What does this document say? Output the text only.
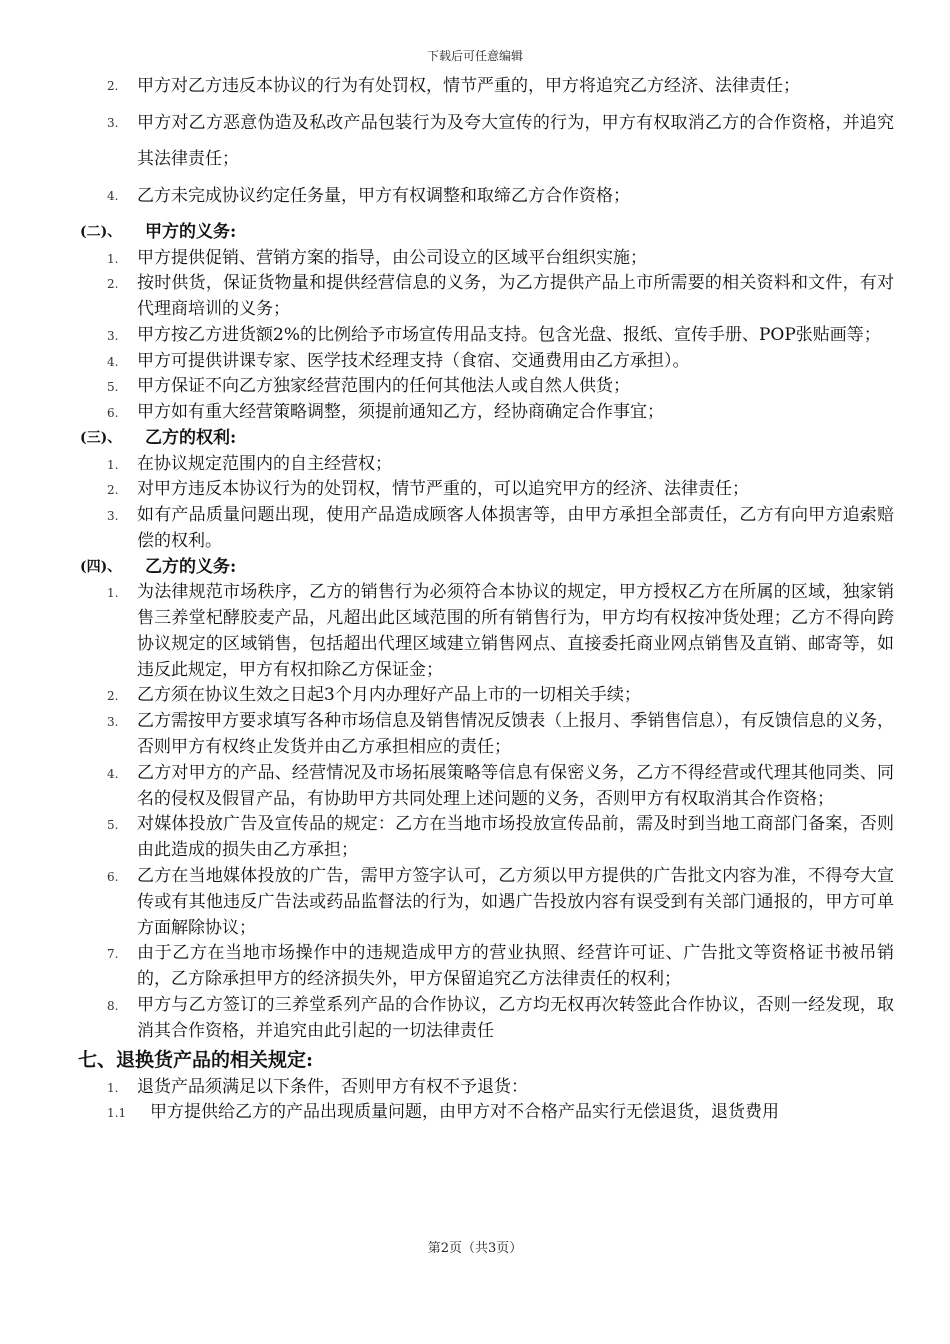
下载后可任意编辑
2. 甲方对乙方违反本协议的行为有处罚权，情节严重的，甲方将追究乙方经济、法律责任；
3. 甲方对乙方恶意伪造及私改产品包装行为及夸大宣传的行为，甲方有权取消乙方的合作资格，并追究其法律责任；
4. 乙方未完成协议约定任务量，甲方有权调整和取缔乙方合作资格；
(二)、 甲方的义务:
1. 甲方提供促销、营销方案的指导，由公司设立的区域平台组织实施；
2. 按时供货，保证货物量和提供经营信息的义务，为乙方提供产品上市所需要的相关资料和文件，有对代理商培训的义务；
3. 甲方按乙方进货额2%的比例给予市场宣传用品支持。包含光盘、报纸、宣传手册、POP张贴画等；
4. 甲方可提供讲课专家、医学技术经理支持（食宿、交通费用由乙方承担）。
5. 甲方保证不向乙方独家经营范围内的任何其他法人或自然人供货；
6. 甲方如有重大经营策略调整，须提前通知乙方，经协商确定合作事宜；
(三)、 乙方的权利:
1. 在协议规定范围内的自主经营权；
2. 对甲方违反本协议行为的处罚权，情节严重的，可以追究甲方的经济、法律责任；
3. 如有产品质量问题出现，使用产品造成顾客人体损害等，由甲方承担全部责任，乙方有向甲方追索赔偿的权利。
(四)、 乙方的义务:
1. 为法律规范市场秩序，乙方的销售行为必须符合本协议的规定，甲方授权乙方在所属的区域，独家销售三养堂杞酵胶麦产品，凡超出此区域范围的所有销售行为，甲方均有权按冲货处理；乙方不得向跨协议规定的区域销售，包括超出代理区域建立销售网点、直接委托商业网点销售及直销、邮寄等，如违反此规定，甲方有权扣除乙方保证金；
2. 乙方须在协议生效之日起3个月内办理好产品上市的一切相关手续；
3. 乙方需按甲方要求填写各种市场信息及销售情况反馈表（上报月、季销售信息），有反馈信息的义务，否则甲方有权终止发货并由乙方承担相应的责任；
4. 乙方对甲方的产品、经营情况及市场拓展策略等信息有保密义务，乙方不得经营或代理其他同类、同名的侵权及假冒产品，有协助甲方共同处理上述问题的义务，否则甲方有权取消其合作资格；
5. 对媒体投放广告及宣传品的规定：乙方在当地市场投放宣传品前，需及时到当地工商部门备案，否则由此造成的损失由乙方承担；
6. 乙方在当地媒体投放的广告，需甲方签字认可，乙方须以甲方提供的广告批文内容为准，不得夸大宣传或有其他违反广告法或药品监督法的行为，如遇广告投放内容有误受到有关部门通报的，甲方可单方面解除协议；
7. 由于乙方在当地市场操作中的违规造成甲方的营业执照、经营许可证、广告批文等资格证书被吊销的，乙方除承担甲方的经济损失外，甲方保留追究乙方法律责任的权利；
8. 甲方与乙方签订的三养堂系列产品的合作协议，乙方均无权再次转签此合作协议，否则一经发现，取消其合作资格，并追究由此引起的一切法律责任
七、退换货产品的相关规定:
1. 退货产品须满足以下条件，否则甲方有权不予退货：
1.1 甲方提供给乙方的产品出现质量问题，由甲方对不合格产品实行无偿退货，退货费用
第2页（共3页）
